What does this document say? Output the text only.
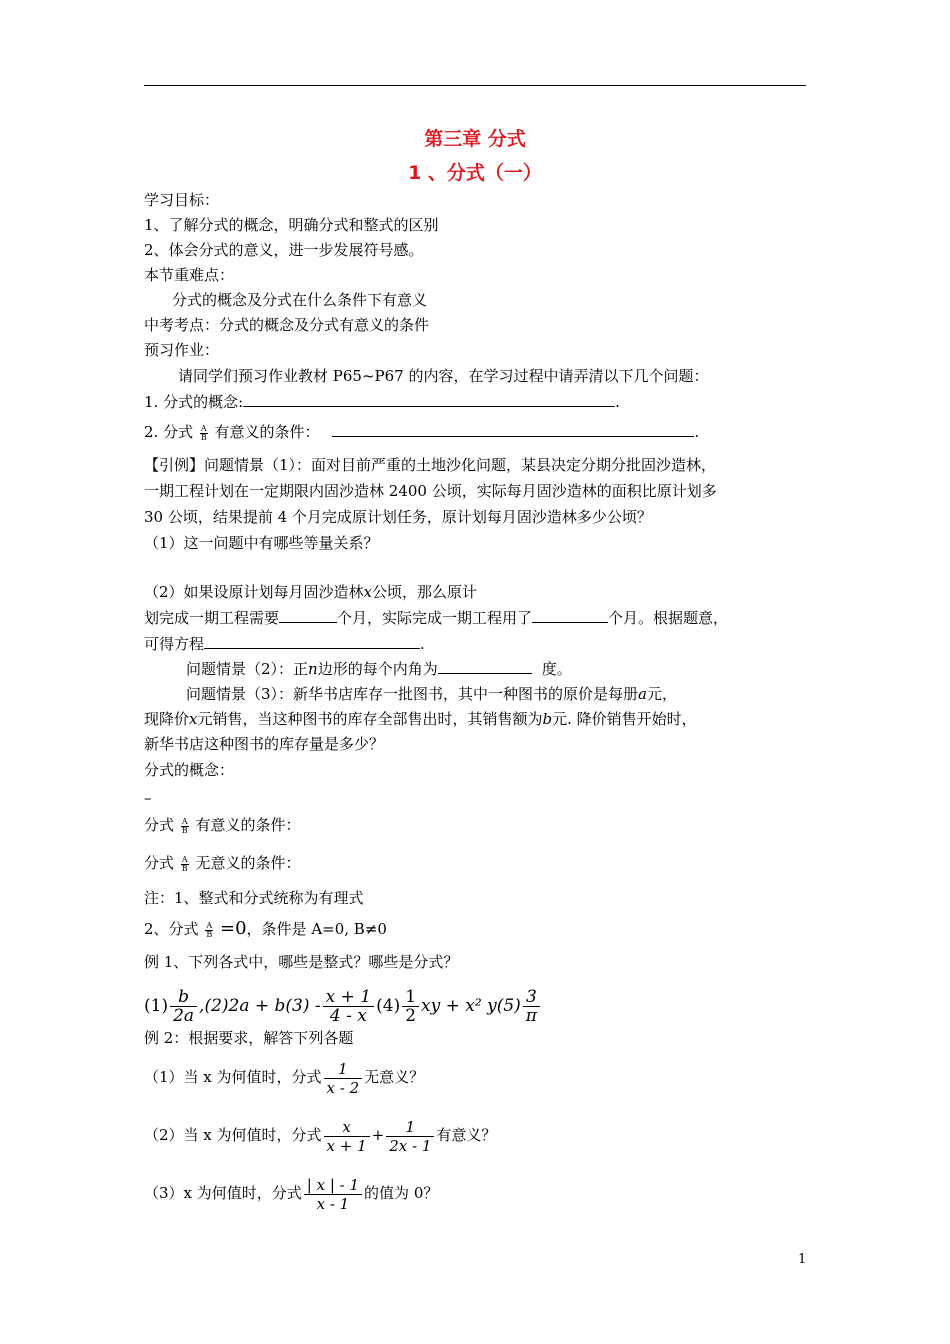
第三章 分式
1 、分式（一）
学习目标：
1、了解分式的概念，明确分式和整式的区别
2、体会分式的意义，进一步发展符号感。
本节重难点：
分式的概念及分式在什么条件下有意义
中考考点：分式的概念及分式有意义的条件
预习作业：
请同学们预习作业教材 P65~P67 的内容，在学习过程中请弄清以下几个问题：
1. 分式的概念:	.
2. 分式 $\frac{A}{B}$ 有意义的条件：	.
【引例】问题情景（1）：面对目前严重的土地沙化问题，某县决定分期分批固沙造林，
一期工程计划在一定期限内固沙造林 2400 公顷，实际每月固沙造林的面积比原计划多
30 公顷，结果提前 4 个月完成原计划任务，原计划每月固沙造林多少公顷？
（1）这一问题中有哪些等量关系？
（2）如果设原计划每月固沙造林x公顷，那么原计
划完成一期工程需要	个月，实际完成一期工程用了	个月。根据题意，
可得方程	.
问题情景（2）：正n边形的每个内角为	度。
问题情景（3）：新华书店库存一批图书，其中一种图书的原价是每册a元，
现降价x元销售，当这种图书的库存全部售出时，其销售额为b元. 降价销售开始时，
新华书店这种图书的库存量是多少？
分式的概念：
–
分式 $\frac{A}{B}$ 有意义的条件：
分式 $\frac{A}{B}$ 无意义的条件：
注：1、整式和分式统称为有理式
2、分式 $\frac{A}{B} =0$，条件是 A=0, B≠0
例 1、下列各式中，哪些是整式？哪些是分式？
$(1) \frac{b}{2a} ,(2)2a + b(3) - \frac{x + 1}{4 - x} (4) \frac{1}{2}$ xy + x² $y(5) \frac{3}{\pi}$
例 2：根据要求，解答下列各题
（1）当 x 为何值时，分式 $\frac{1}{x - 2}$ 无意义？
（2）当 x 为何值时，分式 $\frac{x}{x + 1} + \frac{1}{2x - 1}$ 有意义？
（3）x 为何值时，分式 $\frac{| x | - 1}{x - 1}$ 的值为 0？
1
